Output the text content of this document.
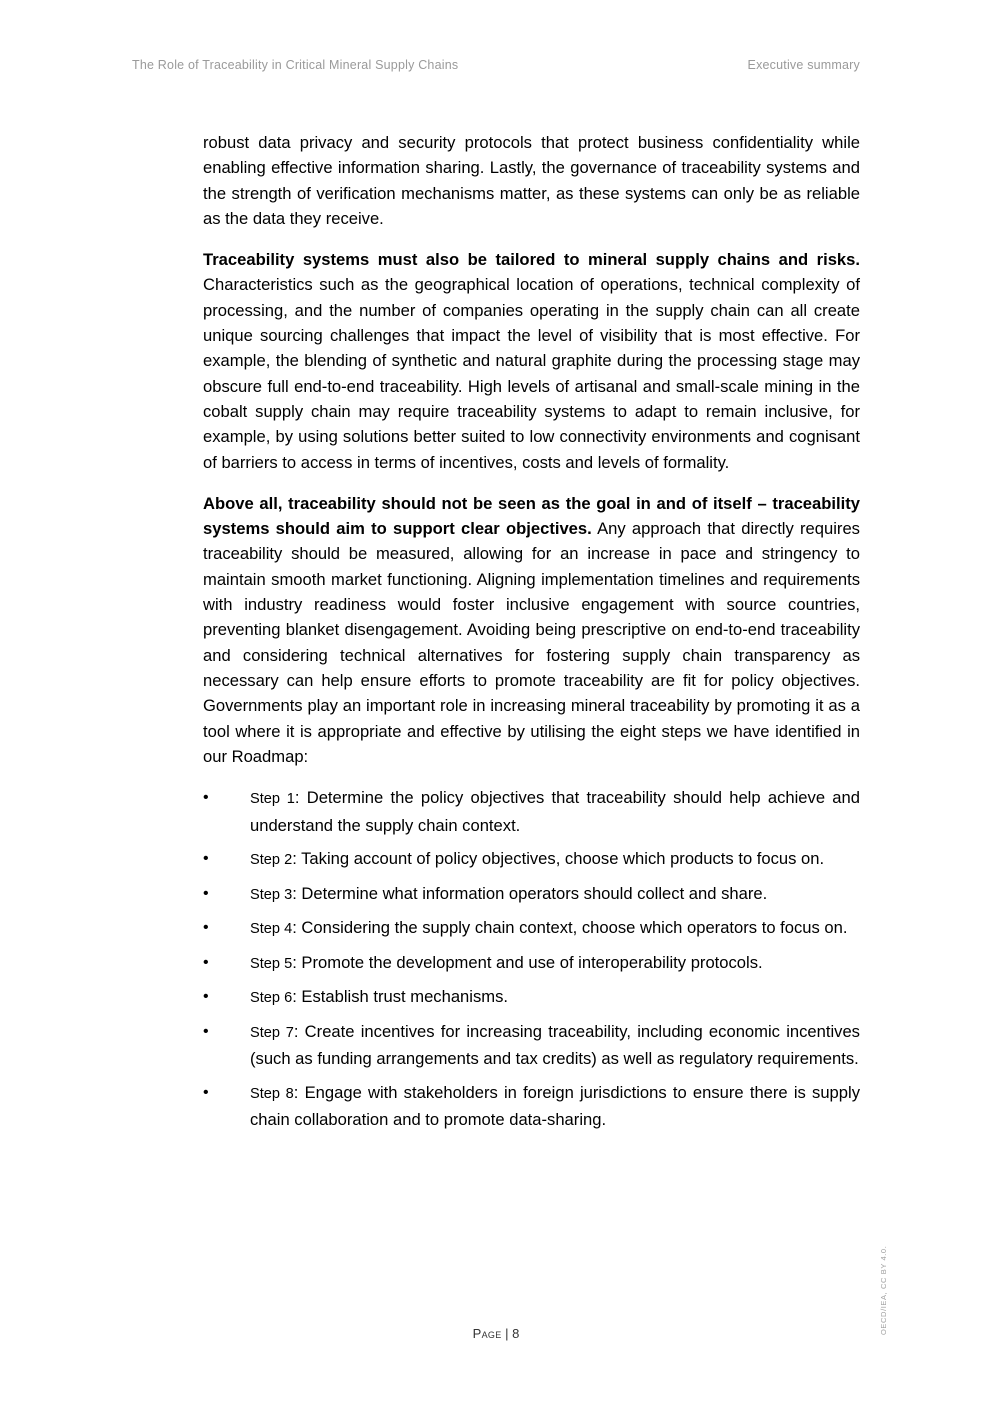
The Role of Traceability in Critical Mineral Supply Chains	Executive summary

robust data privacy and security protocols that protect business confidentiality while enabling effective information sharing. Lastly, the governance of traceability systems and the strength of verification mechanisms matter, as these systems can only be as reliable as the data they receive.

Traceability systems must also be tailored to mineral supply chains and risks. Characteristics such as the geographical location of operations, technical complexity of processing, and the number of companies operating in the supply chain can all create unique sourcing challenges that impact the level of visibility that is most effective. For example, the blending of synthetic and natural graphite during the processing stage may obscure full end-to-end traceability. High levels of artisanal and small-scale mining in the cobalt supply chain may require traceability systems to adapt to remain inclusive, for example, by using solutions better suited to low connectivity environments and cognisant of barriers to access in terms of incentives, costs and levels of formality.

Above all, traceability should not be seen as the goal in and of itself – traceability systems should aim to support clear objectives. Any approach that directly requires traceability should be measured, allowing for an increase in pace and stringency to maintain smooth market functioning. Aligning implementation timelines and requirements with industry readiness would foster inclusive engagement with source countries, preventing blanket disengagement. Avoiding being prescriptive on end-to-end traceability and considering technical alternatives for fostering supply chain transparency as necessary can help ensure efforts to promote traceability are fit for policy objectives. Governments play an important role in increasing mineral traceability by promoting it as a tool where it is appropriate and effective by utilising the eight steps we have identified in our Roadmap:

•	Step 1: Determine the policy objectives that traceability should help achieve and understand the supply chain context.
•	Step 2: Taking account of policy objectives, choose which products to focus on.
•	Step 3: Determine what information operators should collect and share.
•	Step 4: Considering the supply chain context, choose which operators to focus on.
•	Step 5: Promote the development and use of interoperability protocols.
•	Step 6: Establish trust mechanisms.
•	Step 7: Create incentives for increasing traceability, including economic incentives (such as funding arrangements and tax credits) as well as regulatory requirements.
•	Step 8: Engage with stakeholders in foreign jurisdictions to ensure there is supply chain collaboration and to promote data-sharing.
Page | 8	OECD/IEA, CC BY 4.0.
